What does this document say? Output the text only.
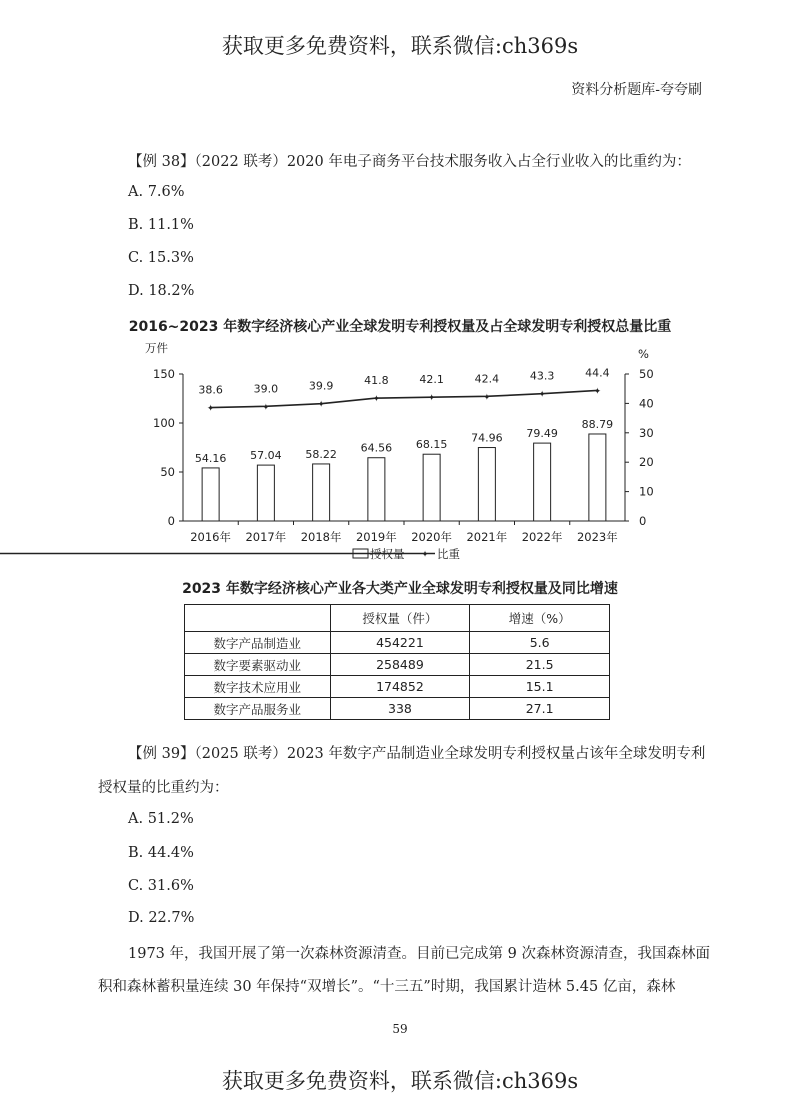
获取更多免费资料，联系微信:ch369s
资料分析题库-夸夸刷
【例 38】（2022 联考）2020 年电子商务平台技术服务收入占全行业收入的比重约为：
A. 7.6%
B. 11.1%
C. 15.3%
D. 18.2%
2016~2023 年数字经济核心产业全球发明专利授权量及占全球发明专利授权总量比重
万件	%
0
50
100
150
0
10
20
30
40
50
54.16 57.04 58.22 64.56 68.15
74.96 79.49
88.79
✦
38.6
✦
39.0
✦
39.9
✦
41.8
✦
42.1
✦
42.4
✦
43.3
✦
44.4
2016年 2017年 2018年 2019年 2020年 2021年 2022年 2023年
授权量 ✦ 比重
2023 年数字经济核心产业各大类产业全球发明专利授权量及同比增速
	授权量（件）	增速（%）
数字产品制造业	454221	5.6
数字要素驱动业	258489	21.5
数字技术应用业	174852	15.1
数字产品服务业	338	27.1
【例 39】（2025 联考）2023 年数字产品制造业全球发明专利授权量占该年全球发明专利
授权量的比重约为：
A. 51.2%
B. 44.4%
C. 31.6%
D. 22.7%
1973 年，我国开展了第一次森林资源清查。目前已完成第 9 次森林资源清查，我国森林面
积和森林蓄积量连续 30 年保持“双增长”。“十三五”时期，我国累计造林 5.45 亿亩，森林
59
获取更多免费资料，联系微信:ch369s
